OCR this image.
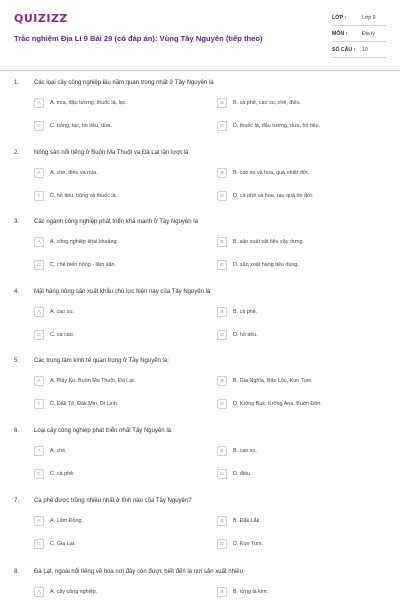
QUIZIZZ
Trắc nghiệm Địa Lí 9 Bài 29 (có đáp án): Vùng Tây Nguyên (tiếp theo)
LỚP :	Lớp 9
MÔN :	Địa lý
SỐ CÂU : 10
1. Các loại cây công nghiệp lâu năm quan trọng nhất ở Tây Nguyên là
A	A. mía, đậu tương, thuốc lá, lạc.	B	B. cà phê, cao su, chè, điều.
C	C. bông, lạc, hồ tiêu, dừa.	D	D. thuốc lá, đậu tương, dừa, hồ tiêu.
2. Nông sản nổi tiếng ở Buôn Ma Thuột và Đà Lạt lần lượt là
A	A. chè, điều và mía.	B	B. cao su và hoa, quả nhiệt đới.
C	C. hồ tiêu, bông và thuốc lá.	D	D. cà phê và hoa, rau quả ôn đới.
3. Các ngành công nghiệp phát triển khá mạnh ở Tây Nguyên là
A	A. công nghiệp khai khoáng.	B	B. sản xuất vật liệu xây dựng.
C	C. chế biến nông - lâm sản.	D	D. sản xuất hàng tiêu dùng.
4. Mặt hàng nông sản xuất khẩu chủ lực hiện nay của Tây Nguyên là
A	A. cao su.	B	B. cà phê.
C	C. ca cao.	D	D. hồ tiêu.
5. Các trung tâm kinh tế quan trọng ở Tây Nguyên là:
A	A. Plây Ku, Buôn Ma Thuột, Đà Lạt.	B	B. Gia Nghĩa, Bảo Lộc, Kon Tum.
C	C. Đăk Tô, Đăk Min, Di Linh.	D	D. Krông Buk, Krông Ana, Buôn Đôn.
6. Loại cây công nghiệp phát triển nhất Tây Nguyên là:
A	A. chè.	B	B. cao su.
C	C. cà phê.	D	D. điều.
7. Cà phê được trồng nhiều nhất ở tỉnh nào của Tây Nguyên?
A	A. Lâm Đồng.	B	B. Đắk Lắk.
C	C. Gia Lai.	D	D. Kon Tum.
8. Đà Lạt, ngoài nổi tiếng về hoa nơi đây còn được biết đến là nơi sản xuất nhiều
A	A. cây công nghiệp.	B	B. rừng lá kim.
